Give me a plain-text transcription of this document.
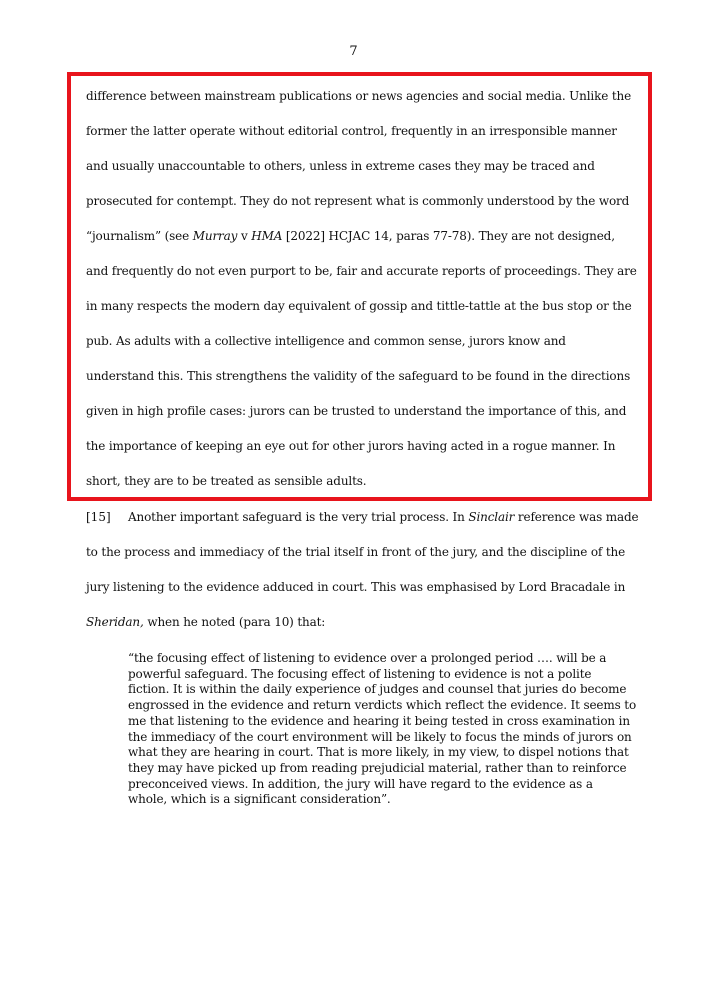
7
difference between mainstream publications or news agencies and social media. Unlike the
former the latter operate without editorial control, frequently in an irresponsible manner
and usually unaccountable to others, unless in extreme cases they may be traced and
prosecuted for contempt. They do not represent what is commonly understood by the word
“journalism” (see Murray v HMA [2022] HCJAC 14, paras 77-78). They are not designed,
and frequently do not even purport to be, fair and accurate reports of proceedings. They are
in many respects the modern day equivalent of gossip and tittle-tattle at the bus stop or the
pub. As adults with a collective intelligence and common sense, jurors know and
understand this. This strengthens the validity of the safeguard to be found in the directions
given in high profile cases: jurors can be trusted to understand the importance of this, and
the importance of keeping an eye out for other jurors having acted in a rogue manner. In
short, they are to be treated as sensible adults.
[15] Another important safeguard is the very trial process. In Sinclair reference was made
to the process and immediacy of the trial itself in front of the jury, and the discipline of the
jury listening to the evidence adduced in court. This was emphasised by Lord Bracadale in
Sheridan, when he noted (para 10) that:
“the focusing effect of listening to evidence over a prolonged period …. will be a
powerful safeguard. The focusing effect of listening to evidence is not a polite
fiction. It is within the daily experience of judges and counsel that juries do become
engrossed in the evidence and return verdicts which reflect the evidence. It seems to
me that listening to the evidence and hearing it being tested in cross examination in
the immediacy of the court environment will be likely to focus the minds of jurors on
what they are hearing in court. That is more likely, in my view, to dispel notions that
they may have picked up from reading prejudicial material, rather than to reinforce
preconceived views. In addition, the jury will have regard to the evidence as a
whole, which is a significant consideration”.
